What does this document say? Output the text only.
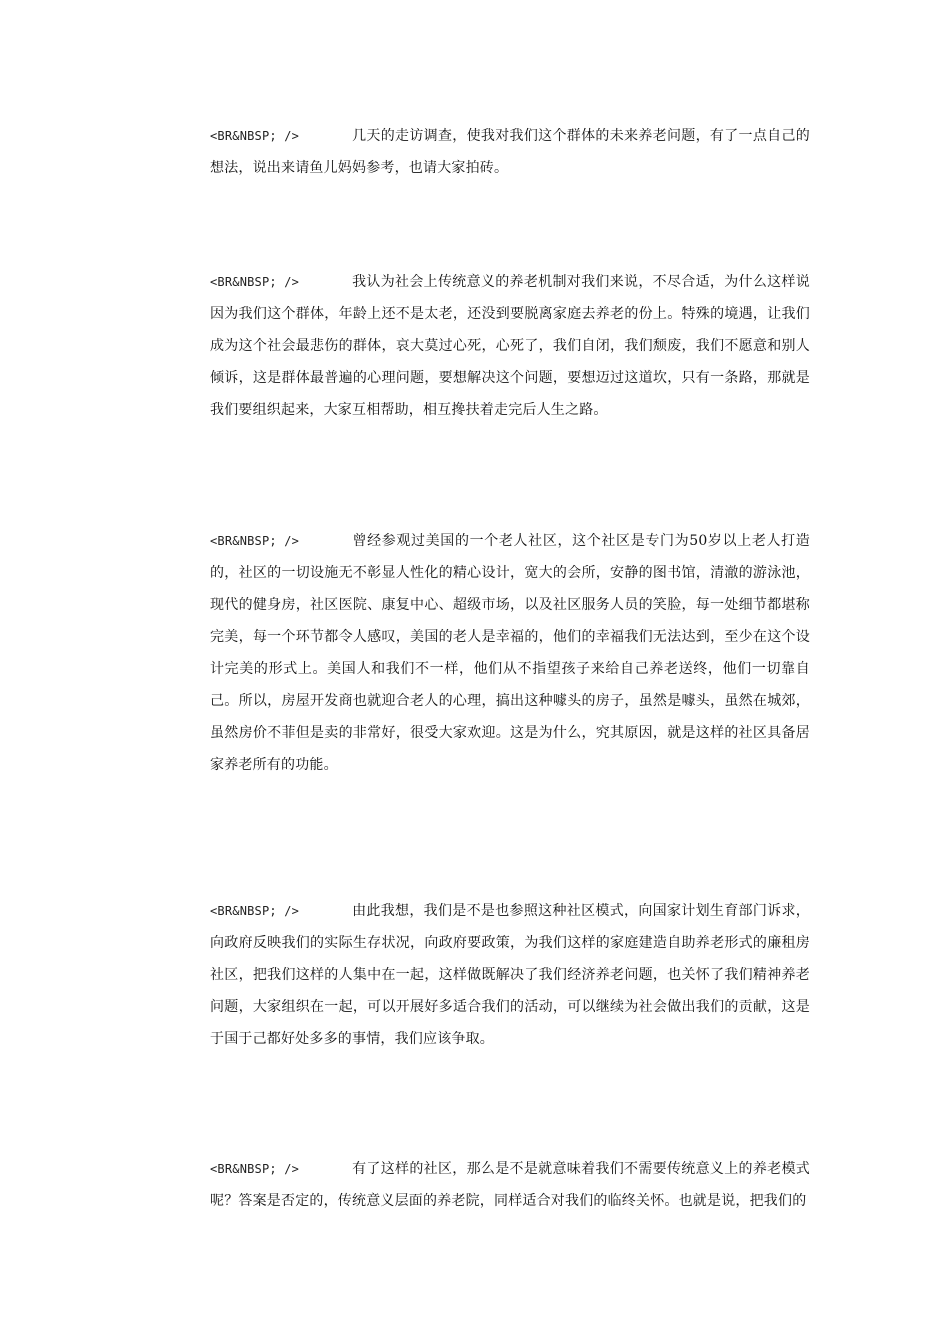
<BR&NBSP; />	几天的走访调查，使我对我们这个群体的未来养老问题，有了一点自己的想法，说出来请鱼儿妈妈参考，也请大家拍砖。

<BR&NBSP; />	我认为社会上传统意义的养老机制对我们来说，不尽合适，为什么这样说因为我们这个群体，年龄上还不是太老，还没到要脱离家庭去养老的份上。特殊的境遇，让我们成为这个社会最悲伤的群体，哀大莫过心死，心死了，我们自闭，我们颓废，我们不愿意和别人倾诉，这是群体最普遍的心理问题，要想解决这个问题，要想迈过这道坎，只有一条路，那就是我们要组织起来，大家互相帮助，相互搀扶着走完后人生之路。

<BR&NBSP; />	曾经参观过美国的一个老人社区，这个社区是专门为50岁以上老人打造的，社区的一切设施无不彰显人性化的精心设计，宽大的会所，安静的图书馆，清澈的游泳池，现代的健身房，社区医院、康复中心、超级市场，以及社区服务人员的笑脸，每一处细节都堪称完美，每一个环节都令人感叹，美国的老人是幸福的，他们的幸福我们无法达到，至少在这个设计完美的形式上。美国人和我们不一样，他们从不指望孩子来给自己养老送终，他们一切靠自己。所以，房屋开发商也就迎合老人的心理，搞出这种噱头的房子，虽然是噱头，虽然在城郊，虽然房价不菲但是卖的非常好，很受大家欢迎。这是为什么，究其原因，就是这样的社区具备居家养老所有的功能。

<BR&NBSP; />	由此我想，我们是不是也参照这种社区模式，向国家计划生育部门诉求，向政府反映我们的实际生存状况，向政府要政策，为我们这样的家庭建造自助养老形式的廉租房社区，把我们这样的人集中在一起，这样做既解决了我们经济养老问题，也关怀了我们精神养老问题，大家组织在一起，可以开展好多适合我们的活动，可以继续为社会做出我们的贡献，这是于国于己都好处多多的事情，我们应该争取。

<BR&NBSP; />	有了这样的社区，那么是不是就意味着我们不需要传统意义上的养老模式呢？答案是否定的，传统意义层面的养老院，同样适合对我们的临终关怀。也就是说，把我们的
